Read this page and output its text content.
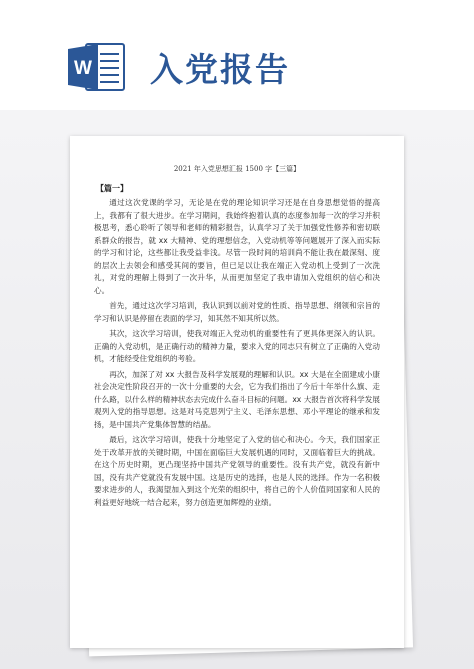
W 入党报告
2021 年入党思想汇报 1500 字【三篇】
【篇一】

通过这次党课的学习，无论是在党的理论知识学习还是在自身思想觉悟的提高上，我都有了很大进步。在学习期间，我始终抱着认真的态度参加每一次的学习并积极思考，悉心聆听了领导和老师的精彩报告，认真学习了关于加强党性修养和密切联系群众的报告，就 xx 大精神、党的理想信念，入党动机等等问题展开了深入而实际的学习和讨论，这些都让我受益非浅。尽管一段时间的培训尚不能让我在最深刻、度的层次上去领会和感受其间的要旨，但已足以让我在端正入党动机上受到了一次洗礼，对党的理解上得到了一次升华，从而更加坚定了我申请加入党组织的信心和决心。

首先，通过这次学习培训，我认识到以前对党的性质、指导思想、纲领和宗旨的学习和认识是停留在表面的学习，知其然不知其所以然。

其次，这次学习培训，使我对端正入党动机的重要性有了更具体更深入的认识。正确的入党动机，是正确行动的精神力量，要求入党的同志只有树立了正确的入党动机，才能经受住党组织的考验。

再次，加深了对 xx 大报告及科学发展观的理解和认识。xx 大是在全面建成小康社会决定性阶段召开的一次十分重要的大会，它为我们指出了今后十年举什么旗、走什么路，以什么样的精神状态去完成什么奋斗目标的问题。xx 大报告首次将科学发展观列入党的指导思想。这是对马克思列宁主义、毛泽东思想、邓小平理论的继承和发扬，是中国共产党集体智慧的结晶。

最后，这次学习培训，使我十分地坚定了入党的信心和决心。今天，我们国家正处于改革开放的关键时期，中国在面临巨大发展机遇的同时，又面临着巨大的挑战。在这个历史时期，更凸现坚持中国共产党领导的重要性。没有共产党，就没有新中国，没有共产党就没有发展中国。这是历史的选择，也是人民的选择。作为一名积极要求进步的人，我渴望加入到这个光荣的组织中，将自己的个人价值同国家和人民的利益更好地统一结合起来，努力创造更加辉煌的业绩。
